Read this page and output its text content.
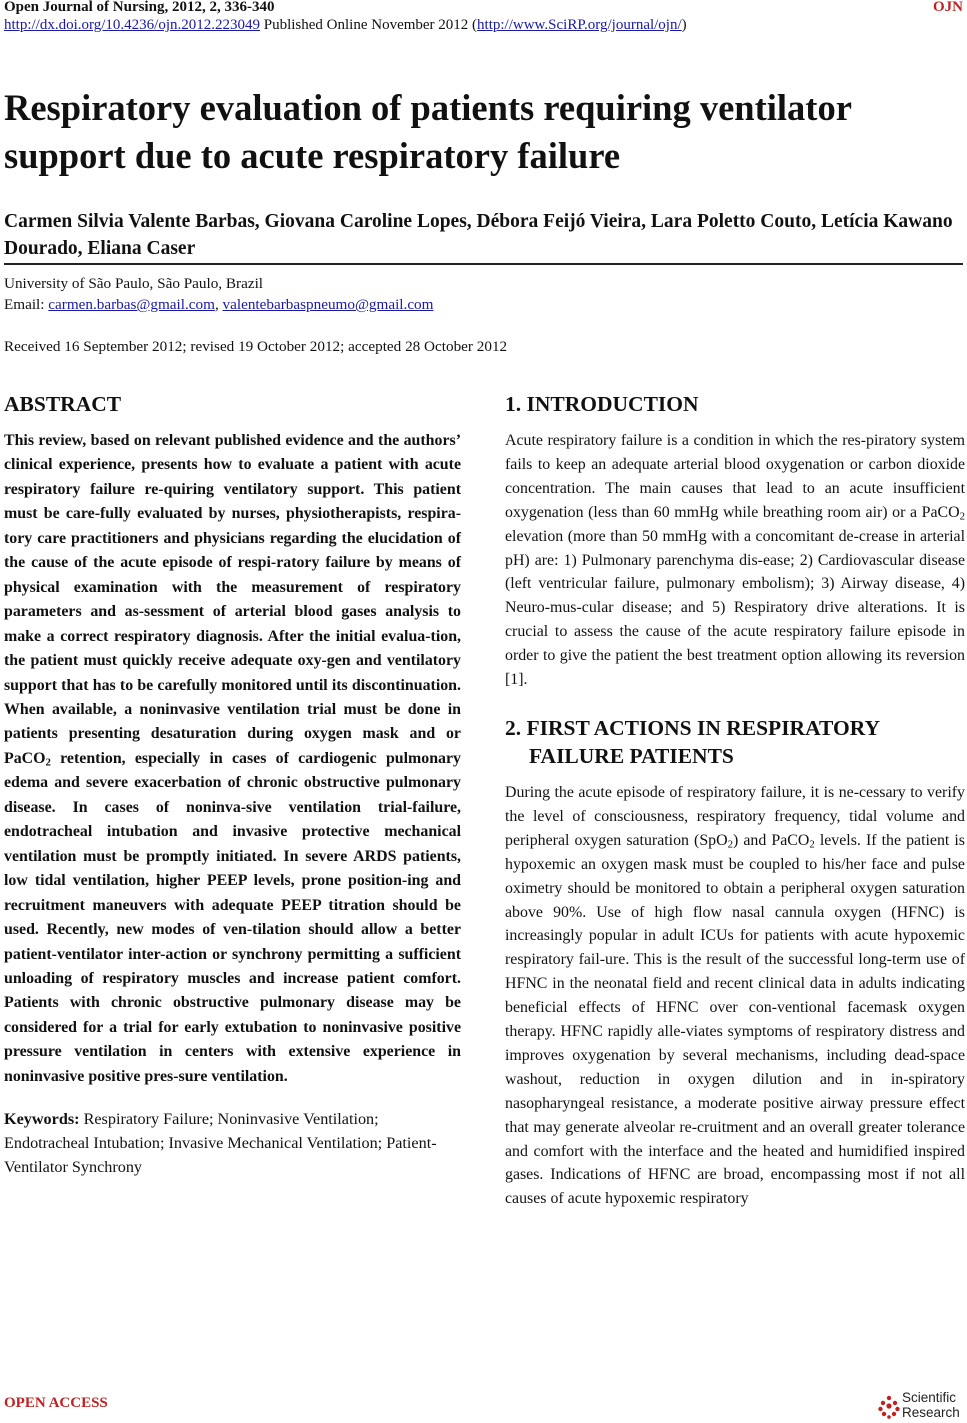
Open Journal of Nursing, 2012, 2, 336-340	OJN
http://dx.doi.org/10.4236/ojn.2012.223049 Published Online November 2012 (http://www.SciRP.org/journal/ojn/)
Respiratory evaluation of patients requiring ventilator support due to acute respiratory failure
Carmen Silvia Valente Barbas, Giovana Caroline Lopes, Débora Feijó Vieira, Lara Poletto Couto, Letícia Kawano Dourado, Eliana Caser
University of São Paulo, São Paulo, Brazil
Email: carmen.barbas@gmail.com, valentebarbaspneumo@gmail.com
Received 16 September 2012; revised 19 October 2012; accepted 28 October 2012
ABSTRACT
This review, based on relevant published evidence and the authors’ clinical experience, presents how to evaluate a patient with acute respiratory failure re-quiring ventilatory support. This patient must be care-fully evaluated by nurses, physiotherapists, respira-tory care practitioners and physicians regarding the elucidation of the cause of the acute episode of respi-ratory failure by means of physical examination with the measurement of respiratory parameters and as-sessment of arterial blood gases analysis to make a correct respiratory diagnosis. After the initial evalua-tion, the patient must quickly receive adequate oxy-gen and ventilatory support that has to be carefully monitored until its discontinuation. When available, a noninvasive ventilation trial must be done in patients presenting desaturation during oxygen mask and or PaCO$_2$ retention, especially in cases of cardiogenic pulmonary edema and severe exacerbation of chronic obstructive pulmonary disease. In cases of noninva-sive ventilation trial-failure, endotracheal intubation and invasive protective mechanical ventilation must be promptly initiated. In severe ARDS patients, low tidal ventilation, higher PEEP levels, prone position-ing and recruitment maneuvers with adequate PEEP titration should be used. Recently, new modes of ven-tilation should allow a better patient-ventilator inter-action or synchrony permitting a sufficient unloading of respiratory muscles and increase patient comfort. Patients with chronic obstructive pulmonary disease may be considered for a trial for early extubation to noninvasive positive pressure ventilation in centers with extensive experience in noninvasive positive pres-sure ventilation.
Keywords: Respiratory Failure; Noninvasive Ventilation; Endotracheal Intubation; Invasive Mechanical Ventilation; Patient-Ventilator Synchrony
1. INTRODUCTION
Acute respiratory failure is a condition in which the res-piratory system fails to keep an adequate arterial blood oxygenation or carbon dioxide concentration. The main causes that lead to an acute insufficient oxygenation (less than 60 mmHg while breathing room air) or a PaCO$_2$ elevation (more than 50 mmHg with a concomitant de-crease in arterial pH) are: 1) Pulmonary parenchyma dis-ease; 2) Cardiovascular disease (left ventricular failure, pulmonary embolism); 3) Airway disease, 4) Neuro-mus-cular disease; and 5) Respiratory drive alterations. It is crucial to assess the cause of the acute respiratory failure episode in order to give the patient the best treatment option allowing its reversion [1].
2. FIRST ACTIONS IN RESPIRATORY
FAILURE PATIENTS
During the acute episode of respiratory failure, it is ne-cessary to verify the level of consciousness, respiratory frequency, tidal volume and peripheral oxygen saturation (SpO$_2$) and PaCO$_2$ levels. If the patient is hypoxemic an oxygen mask must be coupled to his/her face and pulse oximetry should be monitored to obtain a peripheral oxygen saturation above 90%. Use of high flow nasal cannula oxygen (HFNC) is increasingly popular in adult ICUs for patients with acute hypoxemic respiratory fail-ure. This is the result of the successful long-term use of HFNC in the neonatal field and recent clinical data in adults indicating beneficial effects of HFNC over con-ventional facemask oxygen therapy. HFNC rapidly alle-viates symptoms of respiratory distress and improves oxygenation by several mechanisms, including dead-space washout, reduction in oxygen dilution and in in-spiratory nasopharyngeal resistance, a moderate positive airway pressure effect that may generate alveolar re-cruitment and an overall greater tolerance and comfort with the interface and the heated and humidified inspired gases. Indications of HFNC are broad, encompassing most if not all causes of acute hypoxemic respiratory
OPEN ACCESS	Scientific
Research
